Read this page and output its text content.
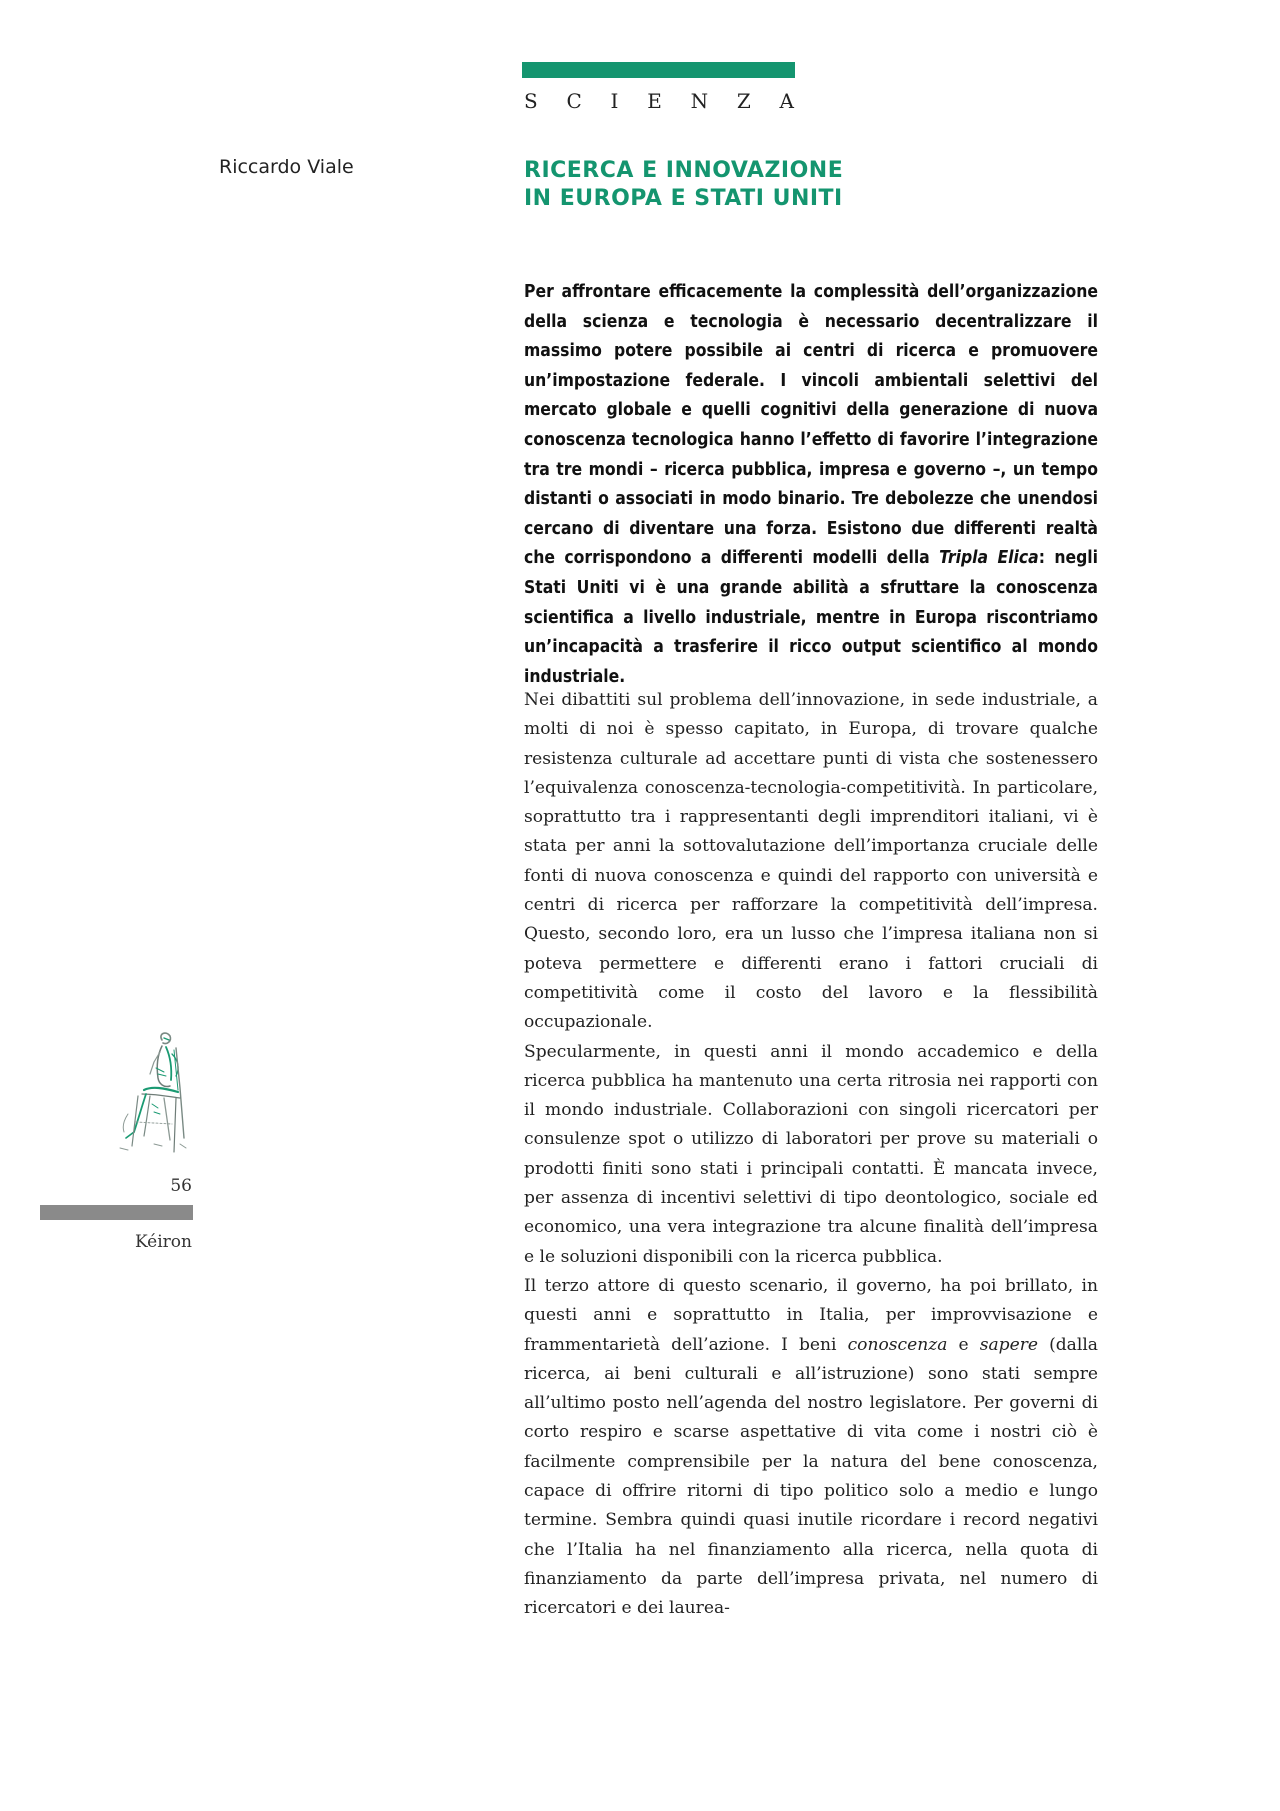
S C I E N Z A
Riccardo Viale	RICERCA E INNOVAZIONE
IN EUROPA E STATI UNITI

Per affrontare efficacemente la complessità dell’organizzazione della scienza e tecnologia è necessario decentralizzare il massimo potere possibile ai centri di ricerca e promuovere un’impostazione federale. I vincoli ambientali selettivi del mercato globale e quelli cognitivi della generazione di nuova conoscenza tecnologica hanno l’effetto di favorire l’integrazione tra tre mondi – ricerca pubblica, impresa e governo –, un tempo distanti o associati in modo binario. Tre debolezze che unendosi cercano di diventare una forza. Esistono due differenti realtà che corrispondono a differenti modelli della Tripla Elica: negli Stati Uniti vi è una grande abilità a sfruttare la conoscenza scientifica a livello industriale, mentre in Europa riscontriamo un’incapacità a trasferire il ricco output scientifico al mondo industriale.

Nei dibattiti sul problema dell’innovazione, in sede industriale, a molti di noi è spesso capitato, in Europa, di trovare qualche resistenza culturale ad accettare punti di vista che sostenessero l’equivalenza conoscenza-tecnologia-competitività. In particolare, soprattutto tra i rappresentanti degli imprenditori italiani, vi è stata per anni la sottovalutazione dell’importanza cruciale delle fonti di nuova conoscenza e quindi del rapporto con università e centri di ricerca per rafforzare la competitività dell’impresa. Questo, secondo loro, era un lusso che l’impresa italiana non si poteva permettere e differenti erano i fattori cruciali di competitività come il costo del lavoro e la flessibilità occupazionale.

Specularmente, in questi anni il mondo accademico e della ricerca pubblica ha mantenuto una certa ritrosia nei rapporti con il mondo industriale. Collaborazioni con singoli ricercatori per consulenze spot o utilizzo di laboratori per prove su materiali o prodotti finiti sono stati i principali contatti. È mancata invece, per assenza di incentivi selettivi di tipo deontologico, sociale ed economico, una vera integrazione tra alcune finalità dell’impresa e le soluzioni disponibili con la ricerca pubblica.

Il terzo attore di questo scenario, il governo, ha poi brillato, in questi anni e soprattutto in Italia, per improvvisazione e frammentarietà dell’azione. I beni conoscenza e sapere (dalla ricerca, ai beni culturali e all’istruzione) sono stati sempre all’ultimo posto nell’agenda del nostro legislatore. Per governi di corto respiro e scarse aspettative di vita come i nostri ciò è facilmente comprensibile per la natura del bene conoscenza, capace di offrire ritorni di tipo politico solo a medio e lungo termine. Sembra quindi quasi inutile ricordare i record negativi che l’Italia ha nel finanziamento alla ricerca, nella quota di finanziamento da parte dell’impresa privata, nel numero di ricercatori e dei laurea-

56
Kéiron
